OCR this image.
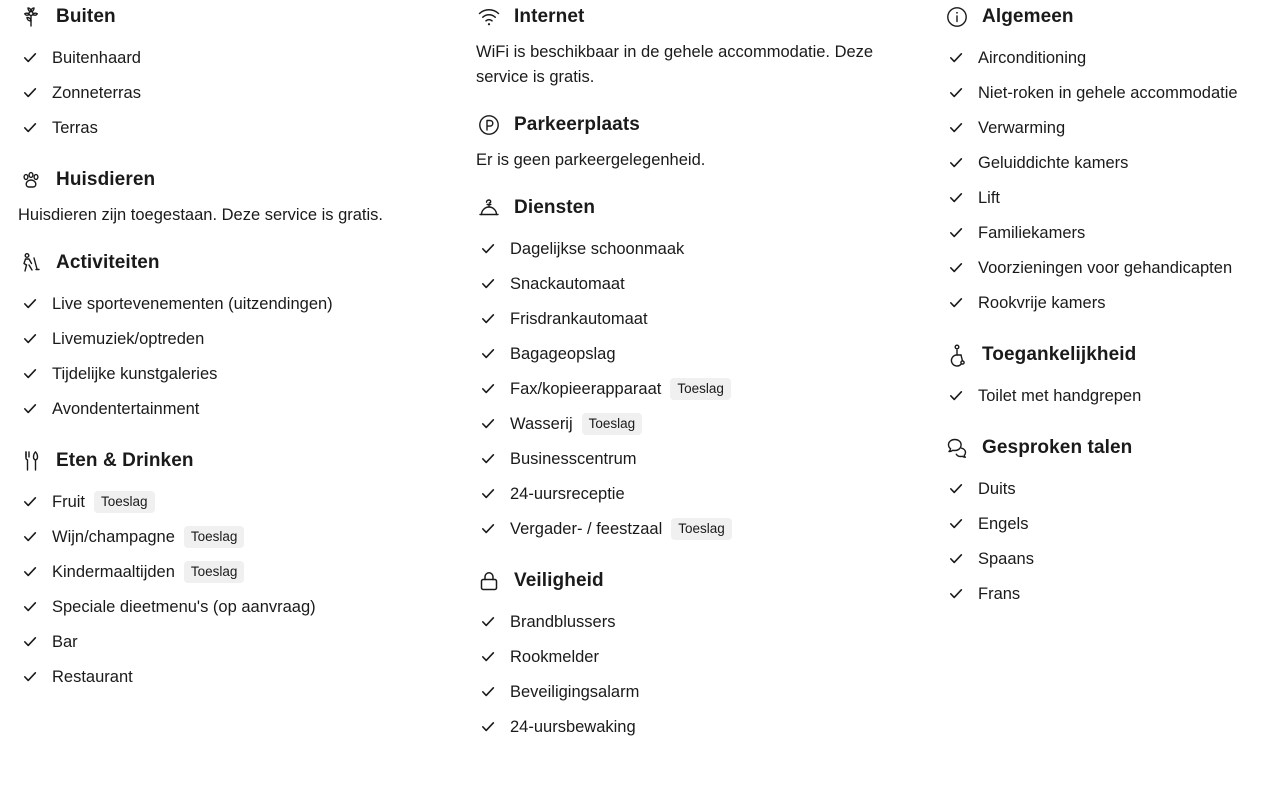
Buiten
Buitenhaard
Zonneterras
Terras
Huisdieren

Huisdieren zijn toegestaan. Deze service is gratis.

Activiteiten
Live sportevenementen (uitzendingen)
Livemuziek/optreden
Tijdelijke kunstgaleries
Avondentertainment
Eten & Drinken
Fruit	Toeslag
Wijn/champagne	Toeslag
Kindermaaltijden	Toeslag
Speciale dieetmenu's (op aanvraag)
Bar
Restaurant
Internet

WiFi is beschikbaar in de gehele accommodatie. Deze service is gratis.

Parkeerplaats

Er is geen parkeergelegenheid.

Diensten
Dagelijkse schoonmaak
Snackautomaat
Frisdrankautomaat
Bagageopslag
Fax/kopieerapparaat	Toeslag
Wasserij	Toeslag
Businesscentrum
24-uursreceptie
Vergader- / feestzaal	Toeslag
Veiligheid
Brandblussers
Rookmelder
Beveiligingsalarm
24-uursbewaking
Algemeen
Airconditioning
Niet-roken in gehele accommodatie
Verwarming
Geluiddichte kamers
Lift
Familiekamers
Voorzieningen voor gehandicapten
Rookvrije kamers
Toegankelijkheid
Toilet met handgrepen
Gesproken talen
Duits
Engels
Spaans
Frans
